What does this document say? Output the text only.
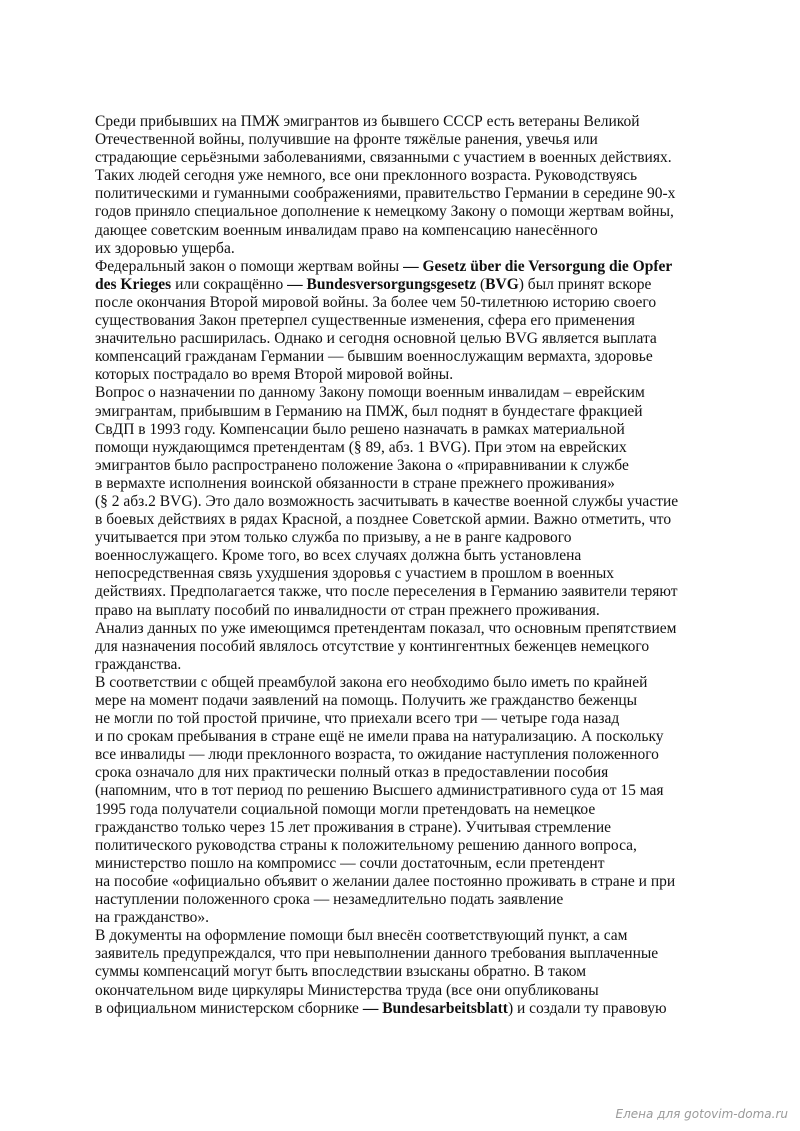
Среди прибывших на ПМЖ эмигрантов из бывшего СССР есть ветераны Великой
Отечественной войны, получившие на фронте тяжёлые ранения, увечья или
страдающие серьёзными заболеваниями, связанными с участием в военных действиях.
Таких людей сегодня уже немного, все они преклонного возраста. Руководствуясь
политическими и гуманными соображениями, правительство Германии в середине 90-х
годов приняло специальное дополнение к немецкому Закону о помощи жертвам войны,
дающее советским военным инвалидам право на компенсацию нанесённого
их здоровью ущерба.

Федеральный закон о помощи жертвам войны — Gesetz über die Versorgung die Opfer
des Krieges или сокращённо — Bundesversorgungsgesetz (BVG) был принят вскоре
после окончания Второй мировой войны. За более чем 50-тилетнюю историю своего
существования Закон претерпел существенные изменения, сфера его применения
значительно расширилась. Однако и сегодня основной целью BVG является выплата
компенсаций гражданам Германии — бывшим военнослужащим вермахта, здоровье
которых пострадало во время Второй мировой войны.

Вопрос о назначении по данному Закону помощи военным инвалидам – еврейским
эмигрантам, прибывшим в Германию на ПМЖ, был поднят в бундестаге фракцией
СвДП в 1993 году. Компенсации было решено назначать в рамках материальной
помощи нуждающимся претендентам (§ 89, абз. 1 BVG). При этом на еврейских
эмигрантов было распространено положение Закона о «приравнивании к службе
в вермахте исполнения воинской обязанности в стране прежнего проживания»
(§ 2 абз.2 BVG). Это дало возможность засчитывать в качестве военной службы участие
в боевых действиях в рядах Красной, а позднее Советской армии. Важно отметить, что
учитывается при этом только служба по призыву, а не в ранге кадрового
военнослужащего. Кроме того, во всех случаях должна быть установлена
непосредственная связь ухудшения здоровья с участием в прошлом в военных
действиях. Предполагается также, что после переселения в Германию заявители теряют
право на выплату пособий по инвалидности от стран прежнего проживания.

Анализ данных по уже имеющимся претендентам показал, что основным препятствием
для назначения пособий являлось отсутствие у контингентных беженцев немецкого
гражданства.

В соответствии с общей преамбулой закона его необходимо было иметь по крайней
мере на момент подачи заявлений на помощь. Получить же гражданство беженцы
не могли по той простой причине, что приехали всего три — четыре года назад
и по срокам пребывания в стране ещё не имели права на натурализацию. А поскольку
все инвалиды — люди преклонного возраста, то ожидание наступления положенного
срока означало для них практически полный отказ в предоставлении пособия
(напомним, что в тот период по решению Высшего административного суда от 15 мая
1995 года получатели социальной помощи могли претендовать на немецкое
гражданство только через 15 лет проживания в стране). Учитывая стремление
политического руководства страны к положительному решению данного вопроса,
министерство пошло на компромисс — сочли достаточным, если претендент
на пособие «официально объявит о желании далее постоянно проживать в стране и при
наступлении положенного срока — незамедлительно подать заявление
на гражданство».

В документы на оформление помощи был внесён соответствующий пункт, а сам
заявитель предупреждался, что при невыполнении данного требования выплаченные
суммы компенсаций могут быть впоследствии взысканы обратно. В таком
окончательном виде циркуляры Министерства труда (все они опубликованы
в официальном министерском сборнике — Bundesarbeitsblatt) и создали ту правовую

Елена для gotovim-doma.ru
